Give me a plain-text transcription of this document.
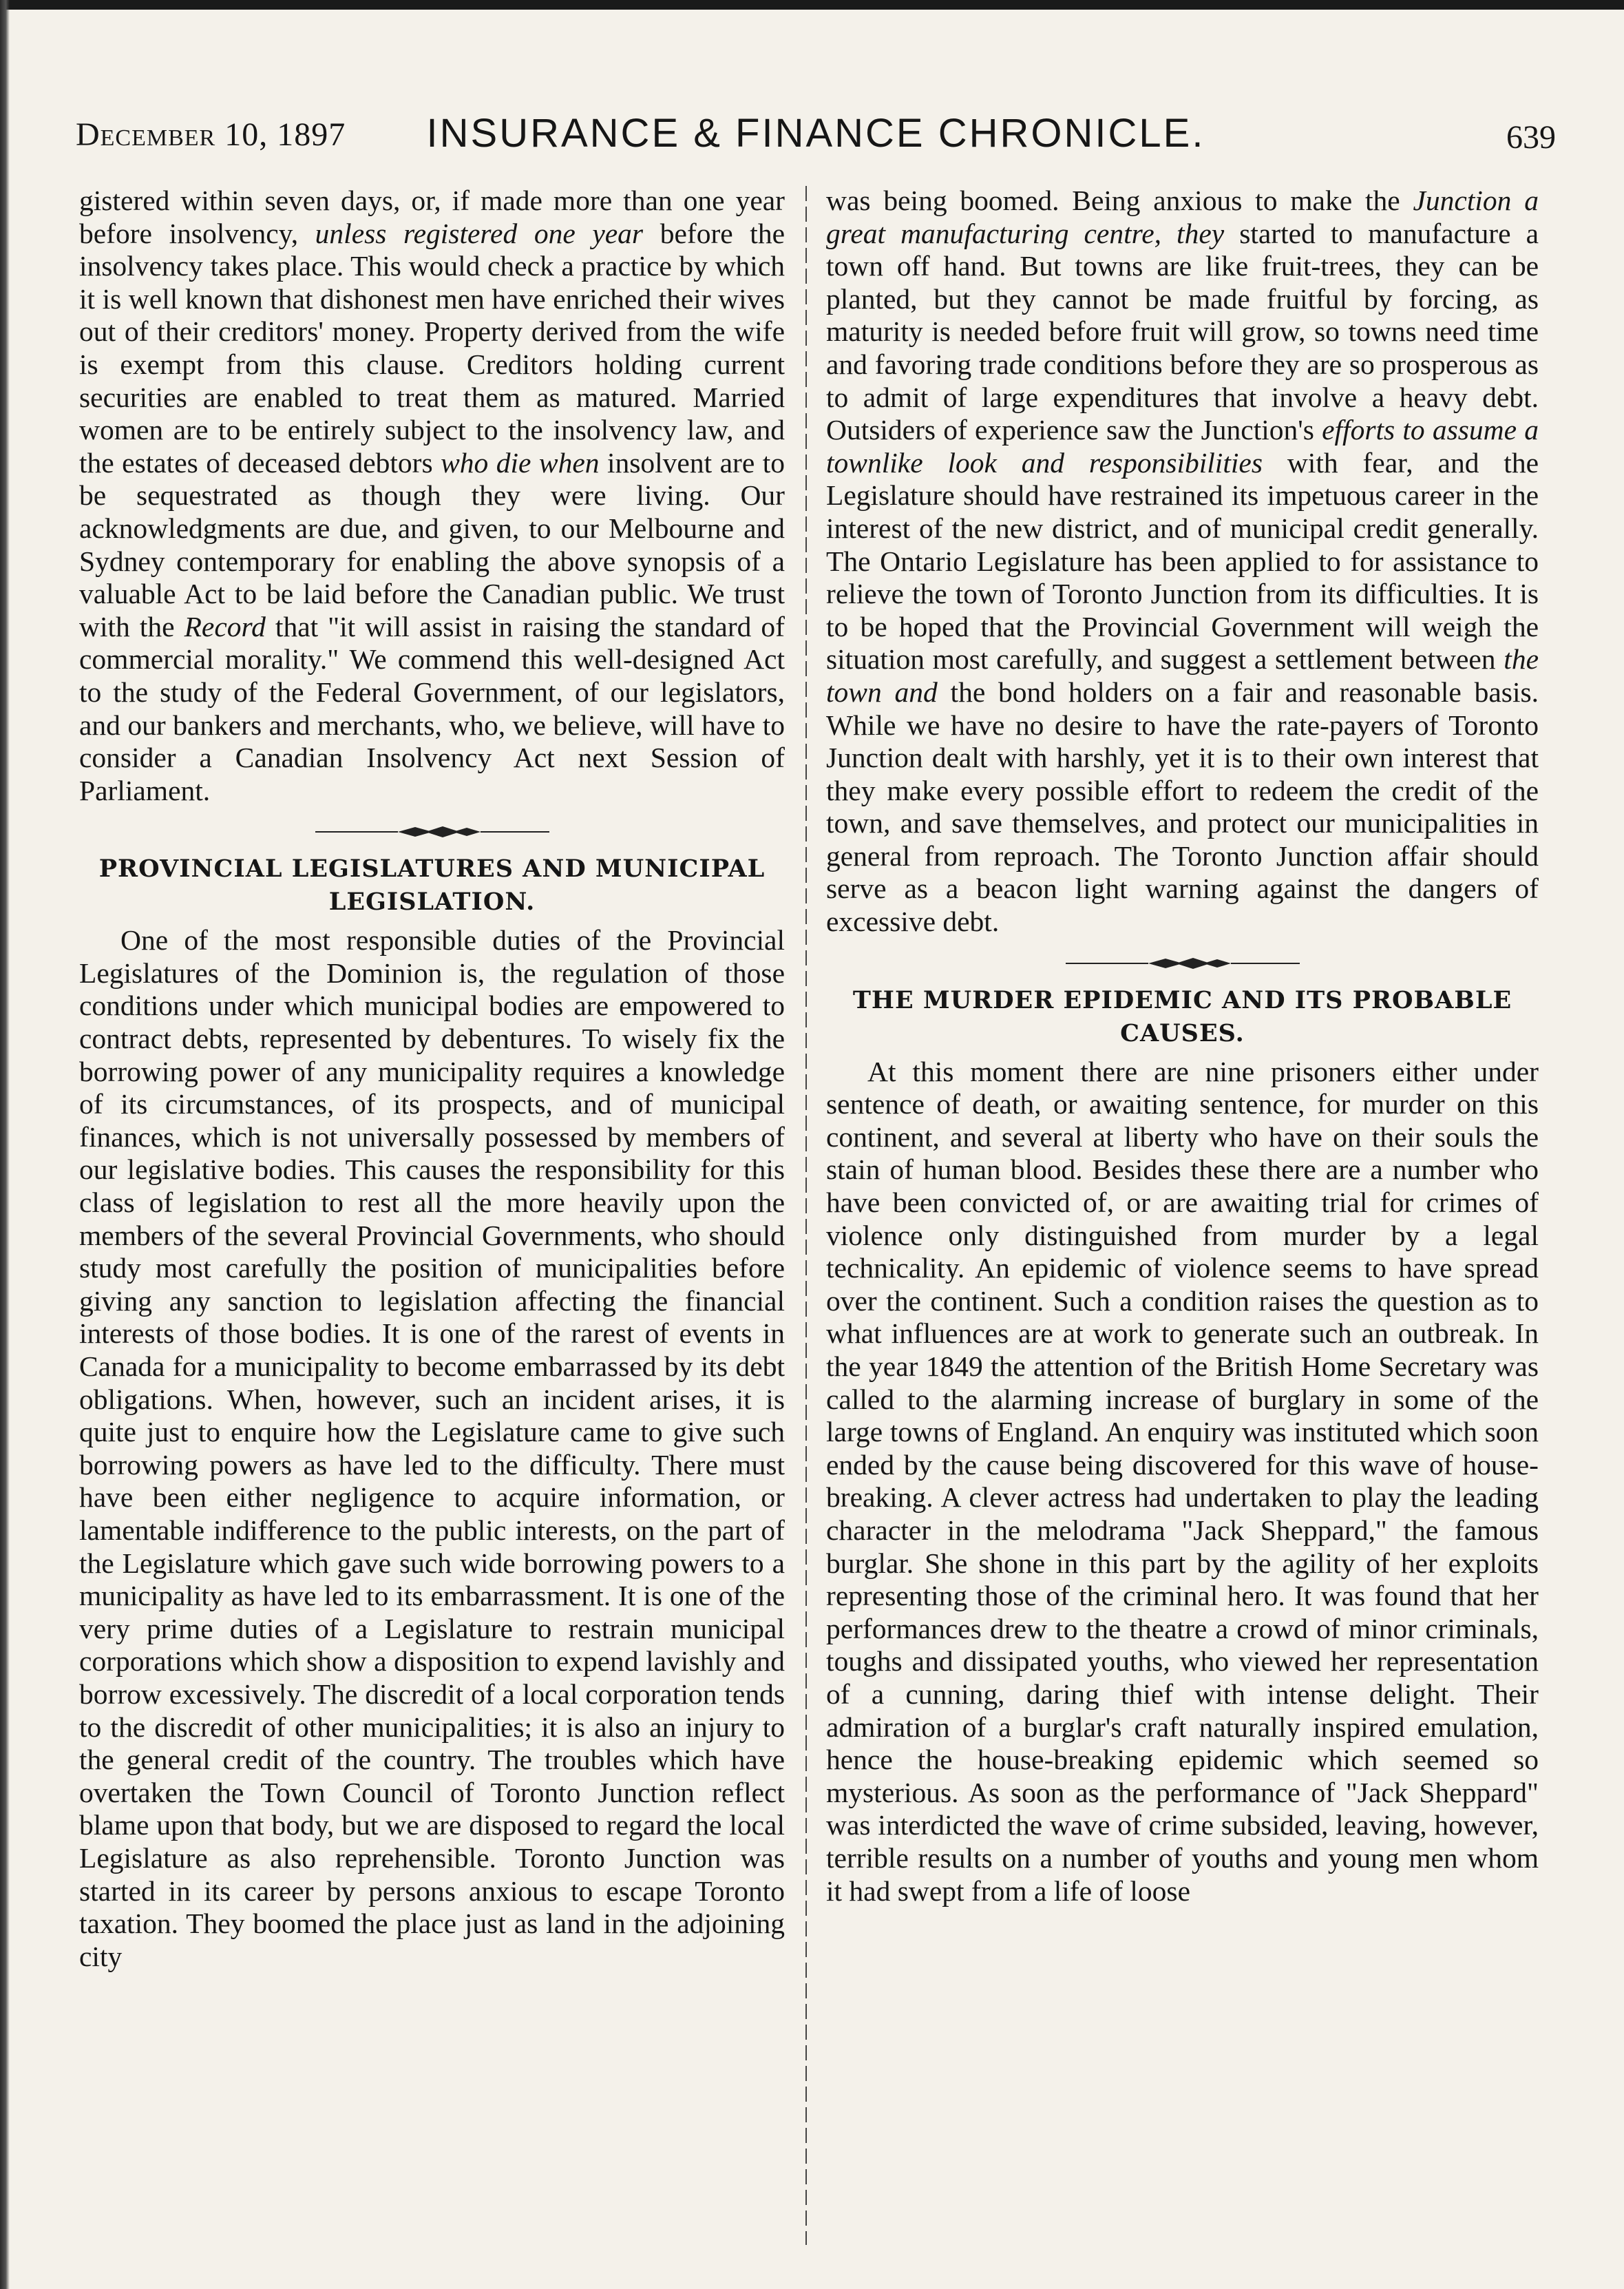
December 10, 1897	INSURANCE & FINANCE CHRONICLE.	639

gistered within seven days, or, if made more than one year before insolvency, unless registered one year before the insolvency takes place. This would check a practice by which it is well known that dishonest men have enriched their wives out of their creditors' money. Property derived from the wife is exempt from this clause. Creditors holding current securities are enabled to treat them as matured. Married women are to be entirely subject to the insolvency law, and the estates of deceased debtors who die when insolvent are to be sequestrated as though they were living. Our acknowledgments are due, and given, to our Melbourne and Sydney contemporary for enabling the above synopsis of a valuable Act to be laid before the Canadian public. We trust with the Record that "it will assist in raising the standard of commercial morality." We commend this well-designed Act to the study of the Federal Government, of our legislators, and our bankers and merchants, who, we believe, will have to consider a Canadian Insolvency Act next Session of Parliament.

PROVINCIAL LEGISLATURES AND MUNICIPAL LEGISLATION.

One of the most responsible duties of the Provincial Legislatures of the Dominion is, the regulation of those conditions under which municipal bodies are empowered to contract debts, represented by debentures. To wisely fix the borrowing power of any municipality requires a knowledge of its circumstances, of its prospects, and of municipal finances, which is not universally possessed by members of our legislative bodies. This causes the responsibility for this class of legislation to rest all the more heavily upon the members of the several Provincial Governments, who should study most carefully the position of municipalities before giving any sanction to legislation affecting the financial interests of those bodies. It is one of the rarest of events in Canada for a municipality to become embarrassed by its debt obligations. When, however, such an incident arises, it is quite just to enquire how the Legislature came to give such borrowing powers as have led to the difficulty. There must have been either negligence to acquire information, or lamentable indifference to the public interests, on the part of the Legislature which gave such wide borrowing powers to a municipality as have led to its embarrassment. It is one of the very prime duties of a Legislature to restrain municipal corporations which show a disposition to expend lavishly and borrow excessively. The discredit of a local corporation tends to the discredit of other municipalities; it is also an injury to the general credit of the country. The troubles which have overtaken the Town Council of Toronto Junction reflect blame upon that body, but we are disposed to regard the local Legislature as also reprehensible. Toronto Junction was started in its career by persons anxious to escape Toronto taxation. They boomed the place just as land in the adjoining city

was being boomed. Being anxious to make the Junction a great manufacturing centre, they started to manufacture a town off hand. But towns are like fruit-trees, they can be planted, but they cannot be made fruitful by forcing, as maturity is needed before fruit will grow, so towns need time and favoring trade conditions before they are so prosperous as to admit of large expenditures that involve a heavy debt. Outsiders of experience saw the Junction's efforts to assume a townlike look and responsibilities with fear, and the Legislature should have restrained its impetuous career in the interest of the new district, and of municipal credit generally. The Ontario Legislature has been applied to for assistance to relieve the town of Toronto Junction from its difficulties. It is to be hoped that the Provincial Government will weigh the situation most carefully, and suggest a settlement between the town and the bond holders on a fair and reasonable basis. While we have no desire to have the rate-payers of Toronto Junction dealt with harshly, yet it is to their own interest that they make every possible effort to redeem the credit of the town, and save themselves, and protect our municipalities in general from reproach. The Toronto Junction affair should serve as a beacon light warning against the dangers of excessive debt.

THE MURDER EPIDEMIC AND ITS PROBABLE CAUSES.

At this moment there are nine prisoners either under sentence of death, or awaiting sentence, for murder on this continent, and several at liberty who have on their souls the stain of human blood. Besides these there are a number who have been convicted of, or are awaiting trial for crimes of violence only distinguished from murder by a legal technicality. An epidemic of violence seems to have spread over the continent. Such a condition raises the question as to what influences are at work to generate such an outbreak. In the year 1849 the attention of the British Home Secretary was called to the alarming increase of burglary in some of the large towns of England. An enquiry was instituted which soon ended by the cause being discovered for this wave of house-breaking. A clever actress had undertaken to play the leading character in the melodrama "Jack Sheppard," the famous burglar. She shone in this part by the agility of her exploits representing those of the criminal hero. It was found that her performances drew to the theatre a crowd of minor criminals, toughs and dissipated youths, who viewed her representation of a cunning, daring thief with intense delight. Their admiration of a burglar's craft naturally inspired emulation, hence the house-breaking epidemic which seemed so mysterious. As soon as the performance of "Jack Sheppard" was interdicted the wave of crime subsided, leaving, however, terrible results on a number of youths and young men whom it had swept from a life of loose
